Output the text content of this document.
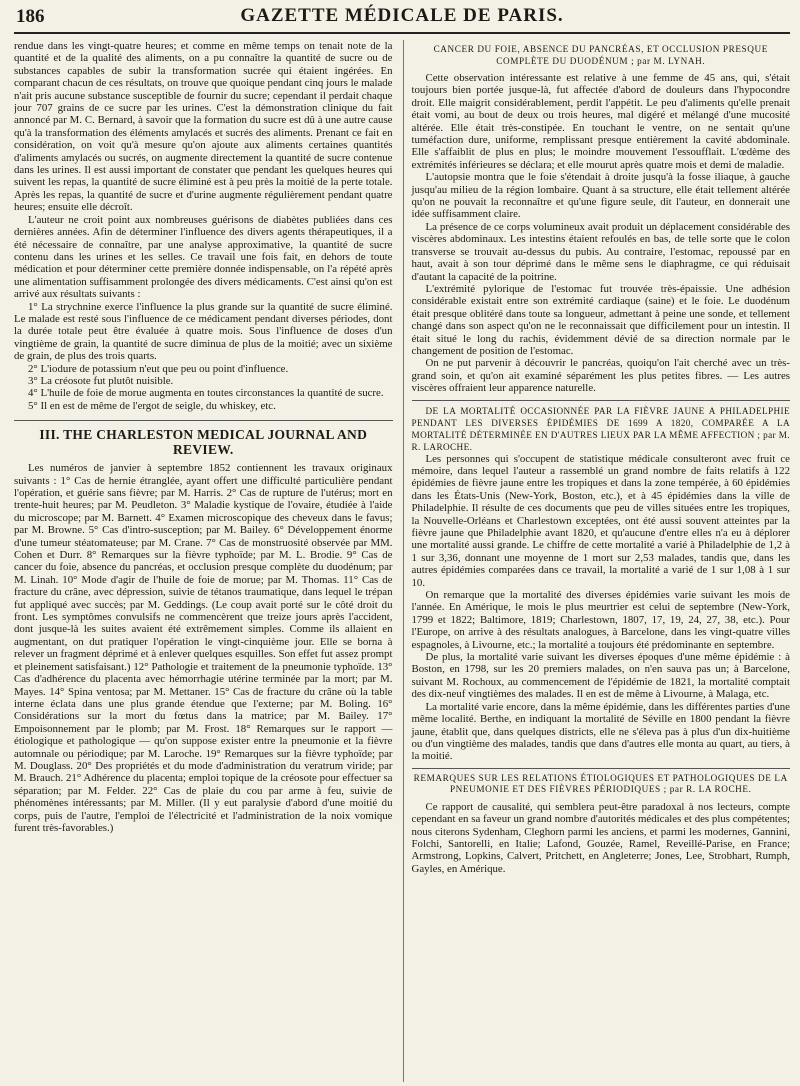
186	GAZETTE MÉDICALE DE PARIS.

rendue dans les vingt-quatre heures; et comme en même temps on tenait note de la quantité et de la qualité des aliments, on a pu connaître la quantité de sucre ou de substances capables de subir la transformation sucrée qui étaient ingérées. En comparant chacun de ces résultats, on trouve que quoique pendant cinq jours le malade n'ait pris aucune substance susceptible de fournir du sucre; cependant il perdait chaque jour 707 grains de ce sucre par les urines. C'est la démonstration clinique du fait annoncé par M. C. Bernard, à savoir que la formation du sucre est dû à une autre cause qu'à la transformation des éléments amylacés et sucrés des aliments. Prenant ce fait en considération, on voit qu'à mesure qu'on ajoute aux aliments certaines quantités d'aliments amylacés ou sucrés, on augmente directement la quantité de sucre contenue dans les urines. Il est aussi important de constater que pendant les quelques heures qui suivent les repas, la quantité de sucre éliminé est à peu près la moitié de la perte totale. Après les repas, la quantité de sucre et d'urine augmente régulièrement pendant quatre heures; ensuite elle décroît.

L'auteur ne croit point aux nombreuses guérisons de diabètes publiées dans ces dernières années. Afin de déterminer l'influence des divers agents thérapeutiques, il a été nécessaire de connaître, par une analyse approximative, la quantité de sucre contenu dans les urines et les selles. Ce travail une fois fait, en dehors de toute médication et pour déterminer cette première donnée indispensable, on l'a répété après une alimentation suffisamment prolongée des divers médicaments. C'est ainsi qu'on est arrivé aux résultats suivants :

1° La strychnine exerce l'influence la plus grande sur la quantité de sucre éliminé. Le malade est resté sous l'influence de ce médicament pendant diverses périodes, dont la durée totale peut être évaluée à quatre mois. Sous l'influence de doses d'un vingtième de grain, la quantité de sucre diminua de plus de la moitié; avec un sixième de grain, de plus des trois quarts.

2° L'iodure de potassium n'eut que peu ou point d'influence.

3° La créosote fut plutôt nuisible.

4° L'huile de foie de morue augmenta en toutes circonstances la quantité de sucre.

5° Il en est de même de l'ergot de seigle, du whiskey, etc.

III. THE CHARLESTON MEDICAL JOURNAL AND REVIEW.

Les numéros de janvier à septembre 1852 contiennent les travaux originaux suivants : 1° Cas de hernie étranglée, ayant offert une difficulté particulière pendant l'opération, et guérie sans fièvre; par M. Harris. 2° Cas de rupture de l'utérus; mort en trente-huit heures; par M. Peudleton. 3° Maladie kystique de l'ovaire, étudiée à l'aide du microscope; par M. Barnett. 4° Examen microscopique des cheveux dans le favus; par M. Browne. 5° Cas d'intro-susception; par M. Bailey. 6° Développement énorme d'une tumeur stéatomateuse; par M. Crane. 7° Cas de monstruosité observée par MM. Cohen et Durr. 8° Remarques sur la fièvre typhoïde; par M. L. Brodie. 9° Cas de cancer du foie, absence du pancréas, et occlusion presque complète du duodénum; par M. Linah. 10° Mode d'agir de l'huile de foie de morue; par M. Thomas. 11° Cas de fracture du crâne, avec dépression, suivie de tétanos traumatique, dans lequel le trépan fut appliqué avec succès; par M. Geddings. (Le coup avait porté sur le côté droit du front. Les symptômes convulsifs ne commencèrent que treize jours après l'accident, dont jusque-là les suites avaient été extrêmement simples. Comme ils allaient en augmentant, on dut pratiquer l'opération le vingt-cinquième jour. Elle se borna à relever un fragment déprimé et à enlever quelques esquilles. Son effet fut assez prompt et pleinement satisfaisant.) 12° Pathologie et traitement de la pneumonie typhoïde. 13° Cas d'adhérence du placenta avec hémorrhagie utérine terminée par la mort; par M. Mayes. 14° Spina ventosa; par M. Mettaner. 15° Cas de fracture du crâne où la table interne éclata dans une plus grande étendue que l'externe; par M. Boling. 16° Considérations sur la mort du fœtus dans la matrice; par M. Bailey. 17° Empoisonnement par le plomb; par M. Frost. 18° Remarques sur le rapport — étiologique et pathologique — qu'on suppose exister entre la pneumonie et la fièvre automnale ou périodique; par M. Laroche. 19° Remarques sur la fièvre typhoïde; par M. Douglass. 20° Des propriétés et du mode d'administration du veratrum viride; par M. Brauch. 21° Adhérence du placenta; emploi topique de la créosote pour effectuer sa séparation; par M. Felder. 22° Cas de plaie du cou par arme à feu, suivie de phénomènes intéressants; par M. Miller. (Il y eut paralysie d'abord d'une moitié du corps, puis de l'autre, l'emploi de l'électricité et l'administration de la noix vomique furent très-favorables.)

CANCER DU FOIE, ABSENCE DU PANCRÉAS, ET OCCLUSION PRESQUE COMPLÈTE DU DUODÉNUM ; par M. LYNAH.

Cette observation intéressante est relative à une femme de 45 ans, qui, s'était toujours bien portée jusque-là, fut affectée d'abord de douleurs dans l'hypocondre droit. Elle maigrit considérablement, perdit l'appétit. Le peu d'aliments qu'elle prenait était vomi, au bout de deux ou trois heures, mal digéré et mélangé d'une mucosité altérée. Elle était très-constipée. En touchant le ventre, on ne sentait qu'une tuméfaction dure, uniforme, remplissant presque entièrement la cavité abdominale. Elle s'affaiblit de plus en plus; le moindre mouvement l'essoufflait. L'œdème des extrémités inférieures se déclara; et elle mourut après quatre mois et demi de maladie.

L'autopsie montra que le foie s'étendait à droite jusqu'à la fosse iliaque, à gauche jusqu'au milieu de la région lombaire. Quant à sa structure, elle était tellement altérée qu'on ne pouvait la reconnaître et qu'une figure seule, dit l'auteur, en donnerait une idée suffisamment claire.

La présence de ce corps volumineux avait produit un déplacement considérable des viscères abdominaux. Les intestins étaient refoulés en bas, de telle sorte que le colon transverse se trouvait au-dessus du pubis. Au contraire, l'estomac, repoussé par en haut, avait à son tour déprimé dans le même sens le diaphragme, ce qui réduisait d'autant la capacité de la poitrine.

L'extrémité pylorique de l'estomac fut trouvée très-épaissie. Une adhésion considérable existait entre son extrémité cardiaque (saine) et le foie. Le duodénum était presque oblitéré dans toute sa longueur, admettant à peine une sonde, et tellement changé dans son aspect qu'on ne le reconnaissait que difficilement pour un intestin. Il était situé le long du rachis, évidemment dévié de sa direction normale par le changement de position de l'estomac.

On ne put parvenir à découvrir le pancréas, quoiqu'on l'ait cherché avec un très-grand soin, et qu'on ait examiné séparément les plus petites fibres. — Les autres viscères offraient leur apparence naturelle.

DE LA MORTALITÉ OCCASIONNÉE PAR LA FIÈVRE JAUNE A PHILADELPHIE PENDANT LES DIVERSES ÉPIDÉMIES DE 1699 A 1820, COMPARÉE A LA MORTALITÉ DÉTERMINÉE EN D'AUTRES LIEUX PAR LA MÊME AFFECTION ; par M. R. LAROCHE.

Les personnes qui s'occupent de statistique médicale consulteront avec fruit ce mémoire, dans lequel l'auteur a rassemblé un grand nombre de faits relatifs à 122 épidémies de fièvre jaune entre les tropiques et dans la zone tempérée, à 60 épidémies dans les États-Unis (New-York, Boston, etc.), et à 45 épidémies dans la ville de Philadelphie. Il résulte de ces documents que peu de villes situées entre les tropiques, la Nouvelle-Orléans et Charlestown exceptées, ont été aussi souvent atteintes par la fièvre jaune que Philadelphie avant 1820, et qu'aucune d'entre elles n'a eu à déplorer une mortalité aussi grande. Le chiffre de cette mortalité a varié à Philadelphie de 1,2 à 1 sur 3,36, donnant une moyenne de 1 mort sur 2,53 malades, tandis que, dans les autres épidémies comparées dans ce travail, la mortalité a varié de 1 sur 1,08 à 1 sur 10.

On remarque que la mortalité des diverses épidémies varie suivant les mois de l'année. En Amérique, le mois le plus meurtrier est celui de septembre (New-York, 1799 et 1822; Baltimore, 1819; Charlestown, 1807, 17, 19, 24, 27, 38, etc.). Pour l'Europe, on arrive à des résultats analogues, à Barcelone, dans les vingt-quatre villes espagnoles, à Livourne, etc.; la mortalité a toujours été prédominante en septembre.

De plus, la mortalité varie suivant les diverses époques d'une même épidémie : à Boston, en 1798, sur les 20 premiers malades, on n'en sauva pas un; à Barcelone, suivant M. Rochoux, au commencement de l'épidémie de 1821, la mortalité comptait des dix-neuf vingtièmes des malades. Il en est de même à Livourne, à Malaga, etc.

La mortalité varie encore, dans la même épidémie, dans les différentes parties d'une même localité. Berthe, en indiquant la mortalité de Séville en 1800 pendant la fièvre jaune, établit que, dans quelques districts, elle ne s'éleva pas à plus d'un dix-huitième ou d'un vingtième des malades, tandis que dans d'autres elle monta au quart, au tiers, à la moitié.

REMARQUES SUR LES RELATIONS ÉTIOLOGIQUES ET PATHOLOGIQUES DE LA PNEUMONIE ET DES FIÈVRES PÉRIODIQUES ; par R. LA ROCHE.

Ce rapport de causalité, qui semblera peut-être paradoxal à nos lecteurs, compte cependant en sa faveur un grand nombre d'autorités médicales et des plus compétentes; nous citerons Sydenham, Cleghorn parmi les anciens, et parmi les modernes, Gannini, Folchi, Santorelli, en Italie; Lafond, Gouzée, Ramel, Reveillé-Parise, en France; Armstrong, Lopkins, Calvert, Pritchett, en Angleterre; Jones, Lee, Strobhart, Rumph, Gayles, en Amérique.
